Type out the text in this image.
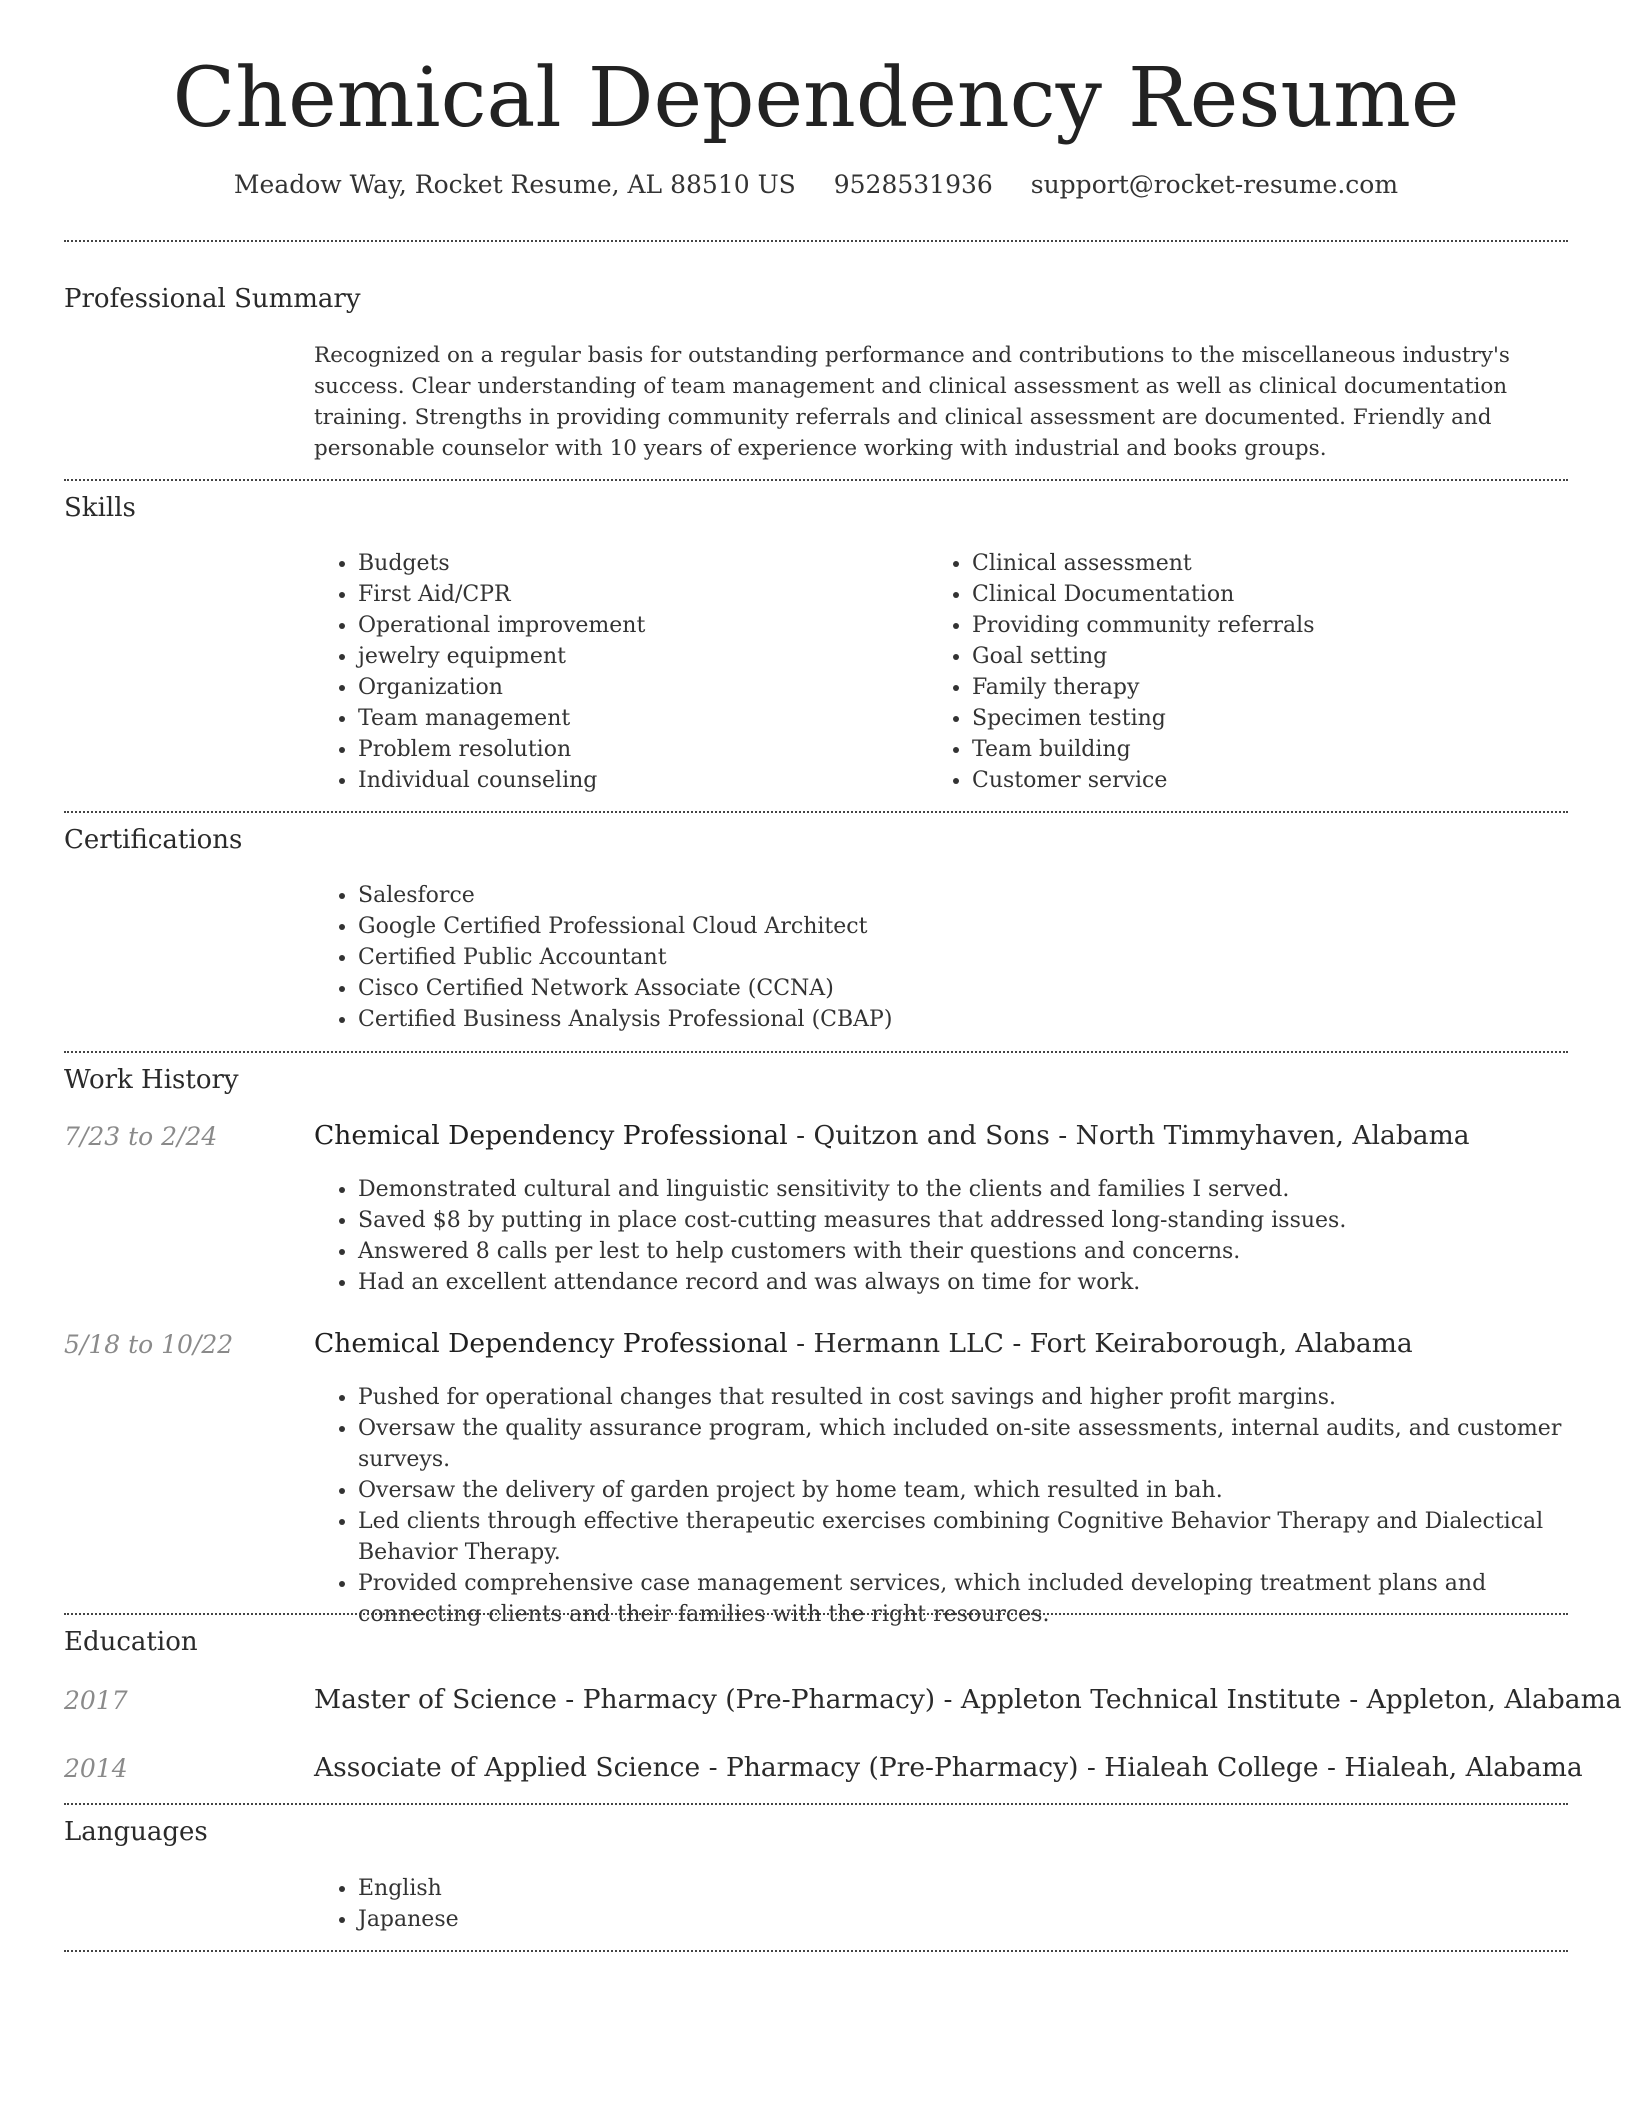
Chemical Dependency Resume
Meadow Way, Rocket Resume, AL 88510 US 9528531936 support@rocket-resume.com
Professional Summary

Recognized on a regular basis for outstanding performance and contributions to the miscellaneous industry's success. Clear understanding of team management and clinical assessment as well as clinical documentation training. Strengths in providing community referrals and clinical assessment are documented. Friendly and personable counselor with 10 years of experience working with industrial and books groups.

Skills
• Budgets
• First Aid/CPR
• Operational improvement
• jewelry equipment
• Organization
• Team management
• Problem resolution
• Individual counseling
• Clinical assessment
• Clinical Documentation
• Providing community referrals
• Goal setting
• Family therapy
• Specimen testing
• Team building
• Customer service
Certifications
• Salesforce
• Google Certified Professional Cloud Architect
• Certified Public Accountant
• Cisco Certified Network Associate (CCNA)
• Certified Business Analysis Professional (CBAP)
Work History
7/23 to 2/24	Chemical Dependency Professional - Quitzon and Sons - North Timmyhaven, Alabama
• Demonstrated cultural and linguistic sensitivity to the clients and families I served.
• Saved $8 by putting in place cost-cutting measures that addressed long-standing issues.
• Answered 8 calls per lest to help customers with their questions and concerns.
• Had an excellent attendance record and was always on time for work.
5/18 to 10/22	Chemical Dependency Professional - Hermann LLC - Fort Keiraborough, Alabama
• Pushed for operational changes that resulted in cost savings and higher profit margins.
• Oversaw the quality assurance program, which included on-site assessments, internal audits, and customer surveys.
• Oversaw the delivery of garden project by home team, which resulted in bah.
• Led clients through effective therapeutic exercises combining Cognitive Behavior Therapy and Dialectical Behavior Therapy.
• Provided comprehensive case management services, which included developing treatment plans and connecting clients and their families with the right resources.
Education
2017	Master of Science - Pharmacy (Pre-Pharmacy) - Appleton Technical Institute - Appleton, Alabama
2014	Associate of Applied Science - Pharmacy (Pre-Pharmacy) - Hialeah College - Hialeah, Alabama
Languages
• English
• Japanese
